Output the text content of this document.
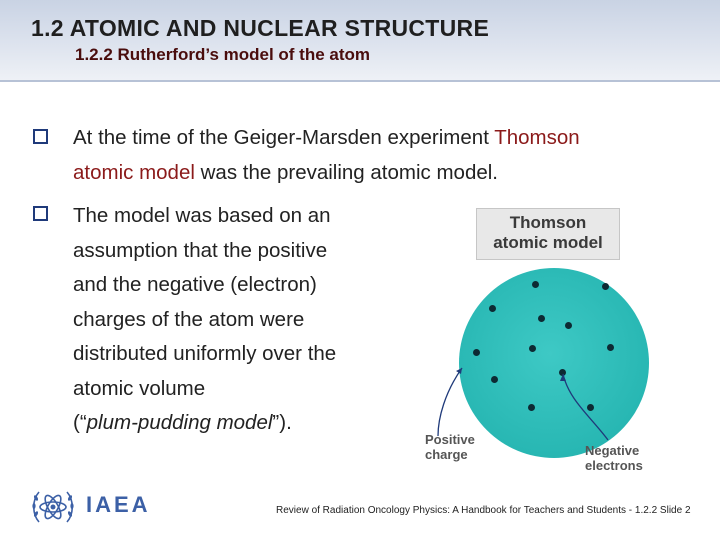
1.2 ATOMIC AND NUCLEAR STRUCTURE
1.2.2 Rutherford’s model of the atom
At the time of the Geiger-Marsden experiment Thomson
atomic model was the prevailing atomic model.
The model was based on an
assumption that the positive
and the negative (electron)
charges of the atom were
distributed uniformly over the
atomic volume
(“plum-pudding model”).
Thomson
atomic model
Positive
charge	Negative
electrons
IAEA	Review of Radiation Oncology Physics: A Handbook for Teachers and Students - 1.2.2 Slide 2
